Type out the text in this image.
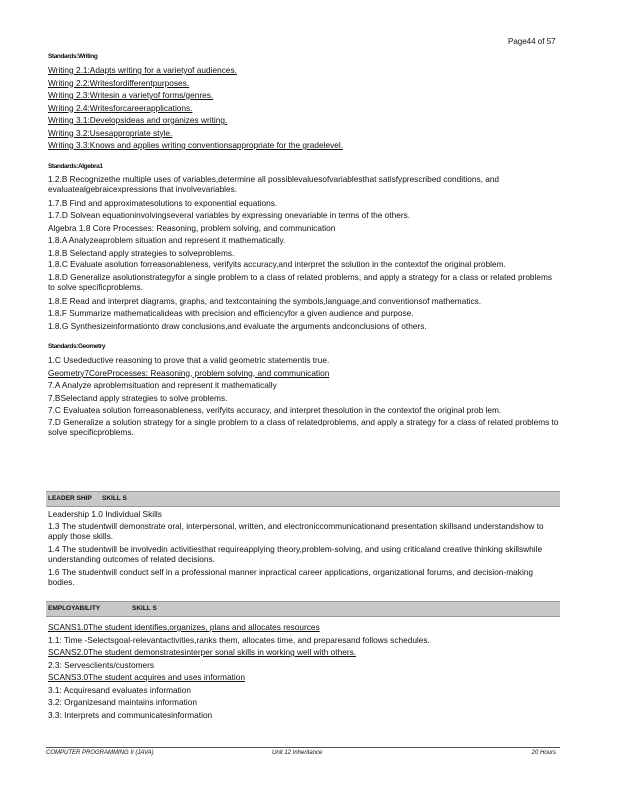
Page44 of 57
Standards:Writing
Writing 2.1:Adapts writing for a varietyof audiences.
Writing 2.2:Writesfordifferentpurposes.
Writing 2.3:Writesin a varietyof forms/genres.
Writing 2.4:Writesforcareerapplications.
Writing 3.1:Developsideas and organizes writing.
Writing 3.2:Usesappropriate style.
Writing 3.3:Knows and applies writing conventionsappropriate for the gradelevel.
Standards:Algebra1
1.2.B Recognizethe multiple uses of variables,determine all possiblevaluesofvariablesthat satisfyprescribed conditions, and evaluatealgebraicexpressions that involvevariables.
1.7.B Find and approximatesolutions to exponential equations.
1.7.D Solvean equationinvolvingseveral variables by expressing onevariable in terms of the others.
Algebra 1.8 Core Processes: Reasoning, problem solving, and communication
1.8.A Analyzeaproblem situation and represent it mathematically.
1.8.B Selectand apply strategies to solveproblems.
1.8.C Evaluate asolution forreasonableness, verifyits accuracy,and interpret the solution in the contextof the original problem.
1.8.D Generalize asolutionstrategyfor a single problem to a class of related problems, and apply a strategy for a class or related problems to solve specificproblems.
1.8.E Read and interpret diagrams, graphs, and textcontaining the symbols,language,and conventionsof mathematics.
1.8.F Summarize mathematicalideas with precision and efficiencyfor a given audience and purpose.
1.8.G Synthesizeinformationto draw conclusions,and evaluate the arguments andconclusions of others.
Standards:Geometry
1.C Usedeductive reasoning to prove that a valid geometric statementis true.
Geometry7CoreProcesses: Reasoning, problem solving, and communication
7.A Analyze aproblemsituation and represent it mathematically
7.BSelectand apply strategies to solve problems.
7.C Evaluatea solution forreasonableness, verifyits accuracy, and interpret thesolution in the contextof the original prob lem.
7.D Generalize a solution strategy for a single problem to a class of relatedproblems, and apply a strategy for a class of related problems to solve specificproblems.
LEADER SHIP SKILL S
Leadership 1.0 Individual Skills
1.3 The studentwill demonstrate oral, interpersonal, written, and electroniccommunicationand presentation skillsand understandshow to apply those skills.
1.4 The studentwill be involvedin activitiesthat requireapplying theory,problem-solving, and using criticaland creative thinking skillswhile understanding outcomes of related decisions.
1.6 The studentwill conduct self in a professional manner inpractical career applications, organizational forums, and decision-making bodies.
EMPLOYABILITY	SKILL S
SCANS1.0The student identifies,organizes, plans and allocates resources
1.1: Time -Selectsgoal-relevantactivities,ranks them, allocates time, and preparesand follows schedules.
SCANS2.0The student demonstratesinterper sonal skills in working well with others.
2.3: Servesclients/customers
SCANS3.0The student acquires and uses information
3.1: Acquiresand evaluates information
3.2: Organizesand maintains information
3.3: Interprets and communicatesinformation
COMPUTER PROGRAMMING II (JAVA)	Unit 12 Inheritance	20 Hours
